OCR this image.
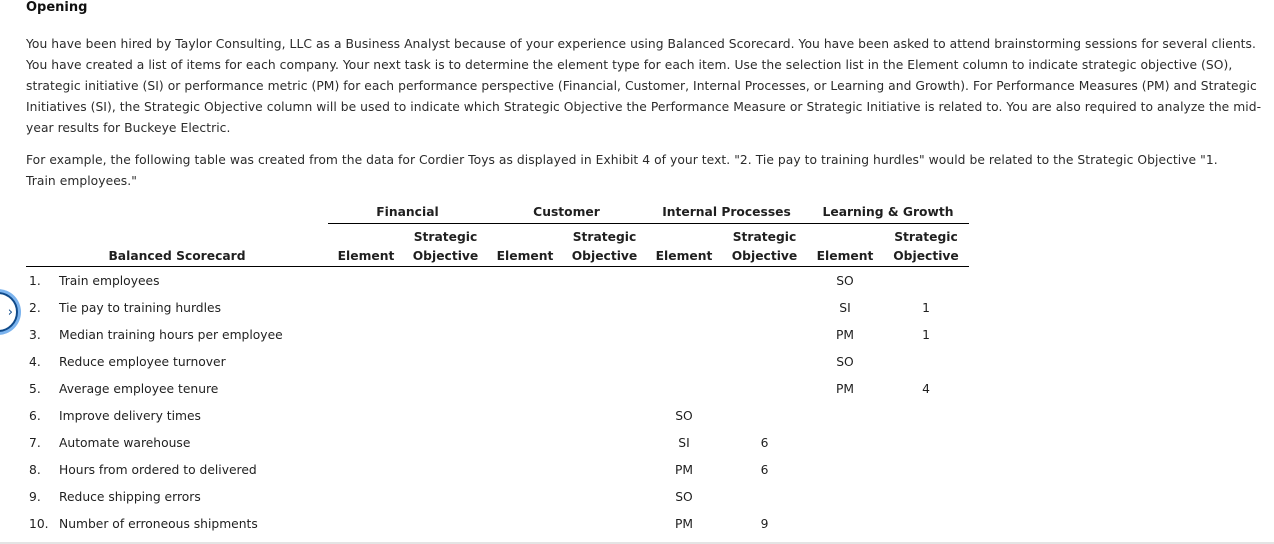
Opening
You have been hired by Taylor Consulting, LLC as a Business Analyst because of your experience using Balanced Scorecard. You have been asked to attend brainstorming sessions for several clients. You have created a list of items for each company. Your next task is to determine the element type for each item. Use the selection list in the Element column to indicate strategic objective (SO), strategic initiative (SI) or performance metric (PM) for each performance perspective (Financial, Customer, Internal Processes, or Learning and Growth). For Performance Measures (PM) and Strategic Initiatives (SI), the Strategic Objective column will be used to indicate which Strategic Objective the Performance Measure or Strategic Initiative is related to. You are also required to analyze the mid-year results for Buckeye Electric.
For example, the following table was created from the data for Cordier Toys as displayed in Exhibit 4 of your text. "2. Tie pay to training hurdles" would be related to the Strategic Objective "1. Train employees."
		Financial		Customer		Internal Processes		Learning & Growth	
			Strategic		Strategic		Strategic		Strategic
Balanced Scorecard		Element	Objective	Element	Objective	Element	Objective	Element	Objective
1.	Train employees							SO	
2.	Tie pay to training hurdles							SI	1
3.	Median training hours per employee							PM	1
4.	Reduce employee turnover							SO	
5.	Average employee tenure							PM	4
6.	Improve delivery times					SO			
7.	Automate warehouse					SI	6		
8.	Hours from ordered to delivered					PM	6		
9.	Reduce shipping errors					SO			
10.	Number of erroneous shipments					PM	9		
›
